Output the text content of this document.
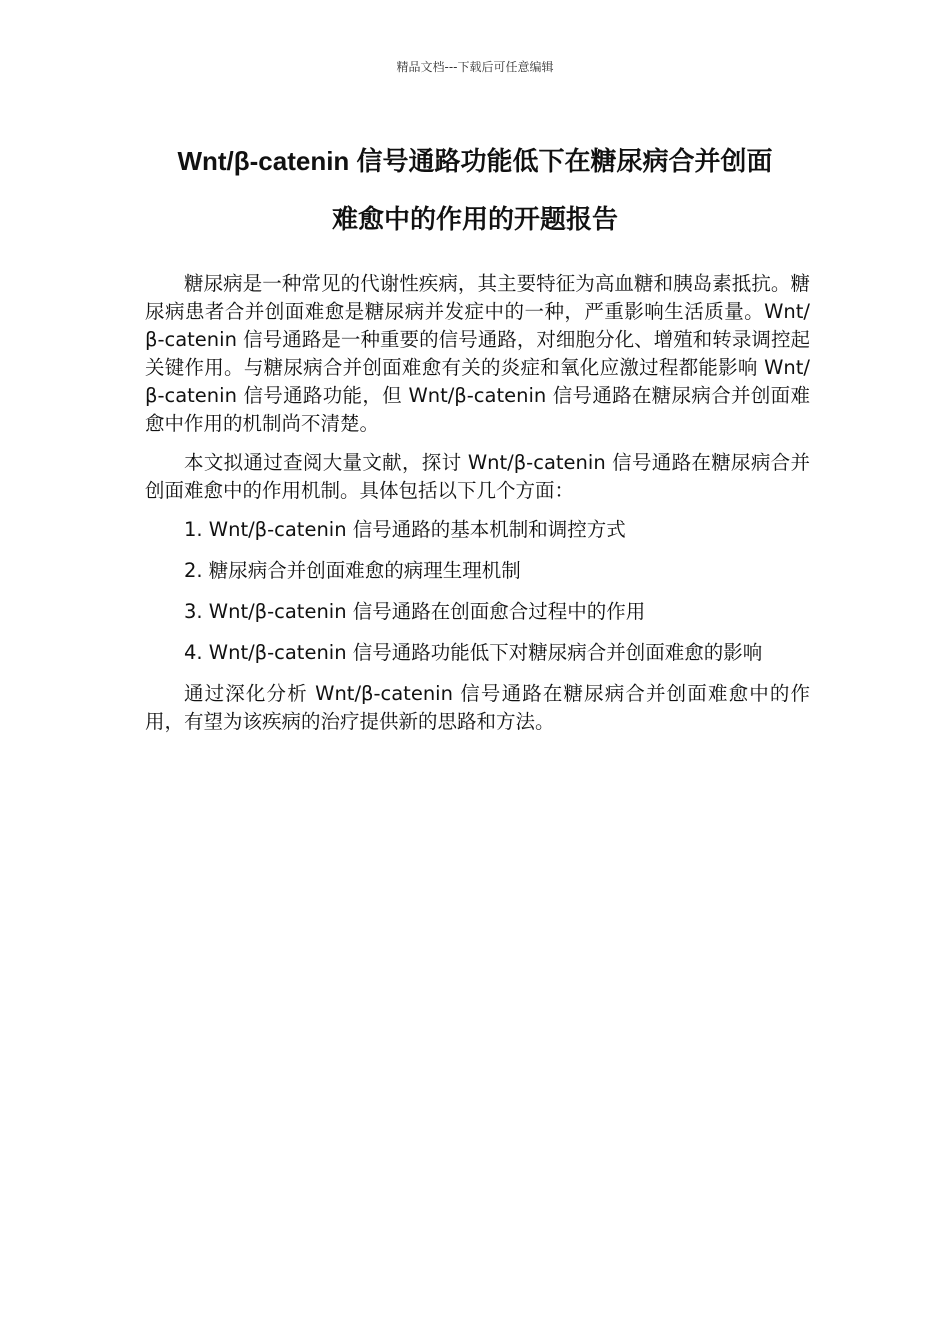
精品文档---下载后可任意编辑
Wnt/β-catenin 信号通路功能低下在糖尿病合并创面
难愈中的作用的开题报告

糖尿病是一种常见的代谢性疾病，其主要特征为高血糖和胰岛素抵抗。糖尿病患者合并创面难愈是糖尿病并发症中的一种，严重影响生活质量。Wnt/β-catenin 信号通路是一种重要的信号通路，对细胞分化、增殖和转录调控起关键作用。与糖尿病合并创面难愈有关的炎症和氧化应激过程都能影响 Wnt/β-catenin 信号通路功能，但 Wnt/β-catenin 信号通路在糖尿病合并创面难愈中作用的机制尚不清楚。

本文拟通过查阅大量文献，探讨 Wnt/β-catenin 信号通路在糖尿病合并创面难愈中的作用机制。具体包括以下几个方面：

1. Wnt/β-catenin 信号通路的基本机制和调控方式
2. 糖尿病合并创面难愈的病理生理机制
3. Wnt/β-catenin 信号通路在创面愈合过程中的作用
4. Wnt/β-catenin 信号通路功能低下对糖尿病合并创面难愈的影响

通过深化分析 Wnt/β-catenin 信号通路在糖尿病合并创面难愈中的作用，有望为该疾病的治疗提供新的思路和方法。
